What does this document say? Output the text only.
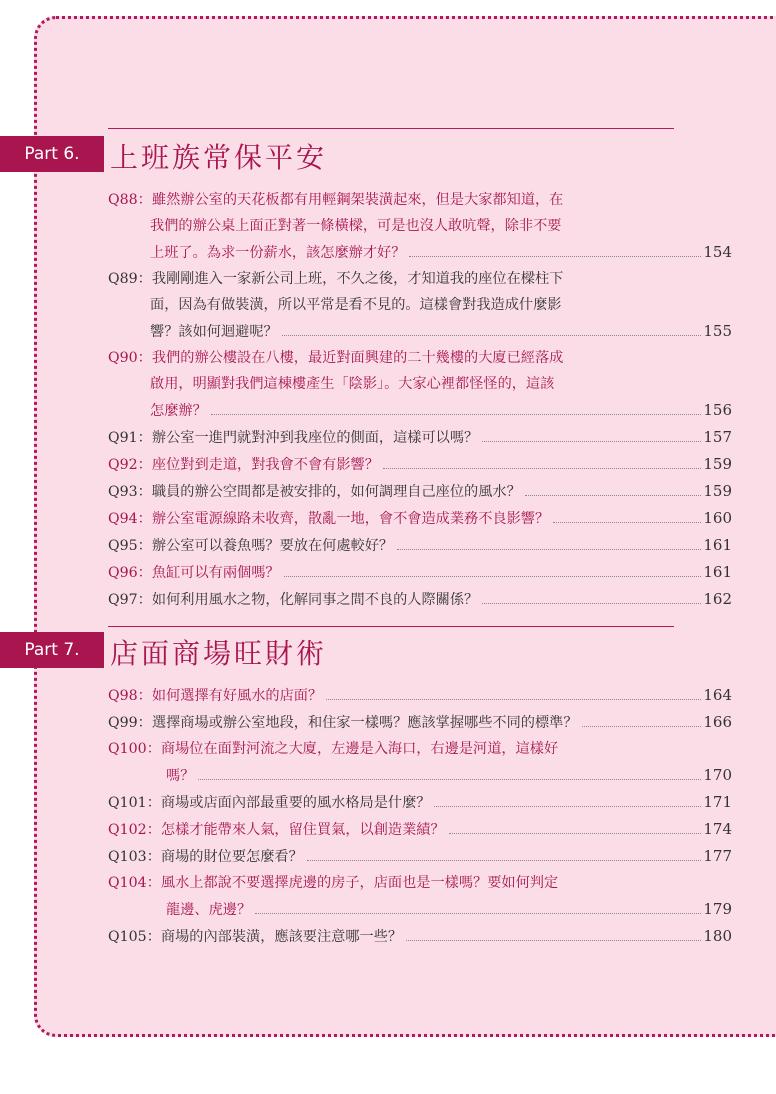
Part 6. 上班族常保平安
Q88： 雖然辦公室的天花板都有用輕鋼架裝潢起來，但是大家都知道，在
我們的辦公桌上面正對著一條橫樑，可是也沒人敢吭聲，除非不要
上班了。為求一份薪水，該怎麼辦才好？	154
Q89： 我剛剛進入一家新公司上班，不久之後，才知道我的座位在樑柱下
面，因為有做裝潢，所以平常是看不見的。這樣會對我造成什麼影
響？該如何迴避呢？	155
Q90： 我們的辦公樓設在八樓，最近對面興建的二十幾樓的大廈已經落成
啟用，明顯對我們這棟樓產生「陰影」。大家心裡都怪怪的，這該
怎麼辦？	156
Q91： 辦公室一進門就對沖到我座位的側面，這樣可以嗎？	157
Q92： 座位對到走道，對我會不會有影響？	159
Q93： 職員的辦公空間都是被安排的，如何調理自己座位的風水？	159
Q94： 辦公室電源線路未收齊，散亂一地，會不會造成業務不良影響？	160
Q95： 辦公室可以養魚嗎？要放在何處較好？	161
Q96： 魚缸可以有兩個嗎？	161
Q97： 如何利用風水之物，化解同事之間不良的人際關係？	162
Part 7. 店面商場旺財術
Q98： 如何選擇有好風水的店面？	164
Q99： 選擇商場或辦公室地段，和住家一樣嗎？應該掌握哪些不同的標準？	166
Q100： 商場位在面對河流之大廈，左邊是入海口，右邊是河道，這樣好
嗎？	170
Q101： 商場或店面內部最重要的風水格局是什麼？	171
Q102： 怎樣才能帶來人氣，留住買氣，以創造業績？	174
Q103： 商場的財位要怎麼看？	177
Q104： 風水上都說不要選擇虎邊的房子，店面也是一樣嗎？要如何判定
龍邊、虎邊？	179
Q105： 商場的內部裝潢，應該要注意哪一些？	180
